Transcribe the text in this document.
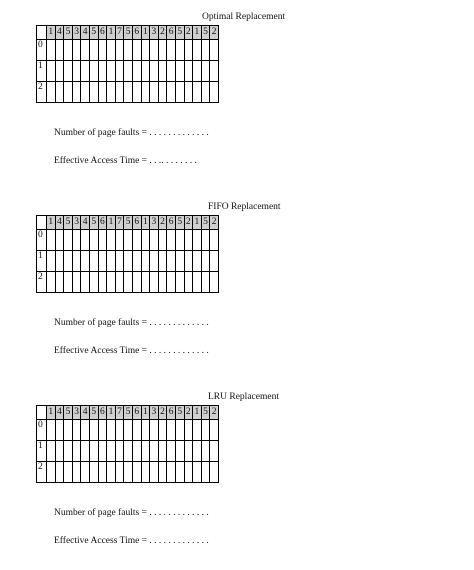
Optimal Replacement
	1	4	5	3	4	5	6	1	7	5	6	1	3	2	6	5	2	1	5	2
0																				
1																				
2																				
Number of page faults = . . . . . . . . . . . . .
Effective Access Time = . . .. . . . . . . .
FIFO Replacement
	1	4	5	3	4	5	6	1	7	5	6	1	3	2	6	5	2	1	5	2
0																				
1																				
2																				
Number of page faults = . . . . . . . . . . . . .
Effective Access Time = . . . . . . . . . . . . .
LRU Replacement
	1	4	5	3	4	5	6	1	7	5	6	1	3	2	6	5	2	1	5	2
0																				
1																				
2																				
Number of page faults = . . . . . . . . . . . . .
Effective Access Time = . . . . . . . . . . . . .
